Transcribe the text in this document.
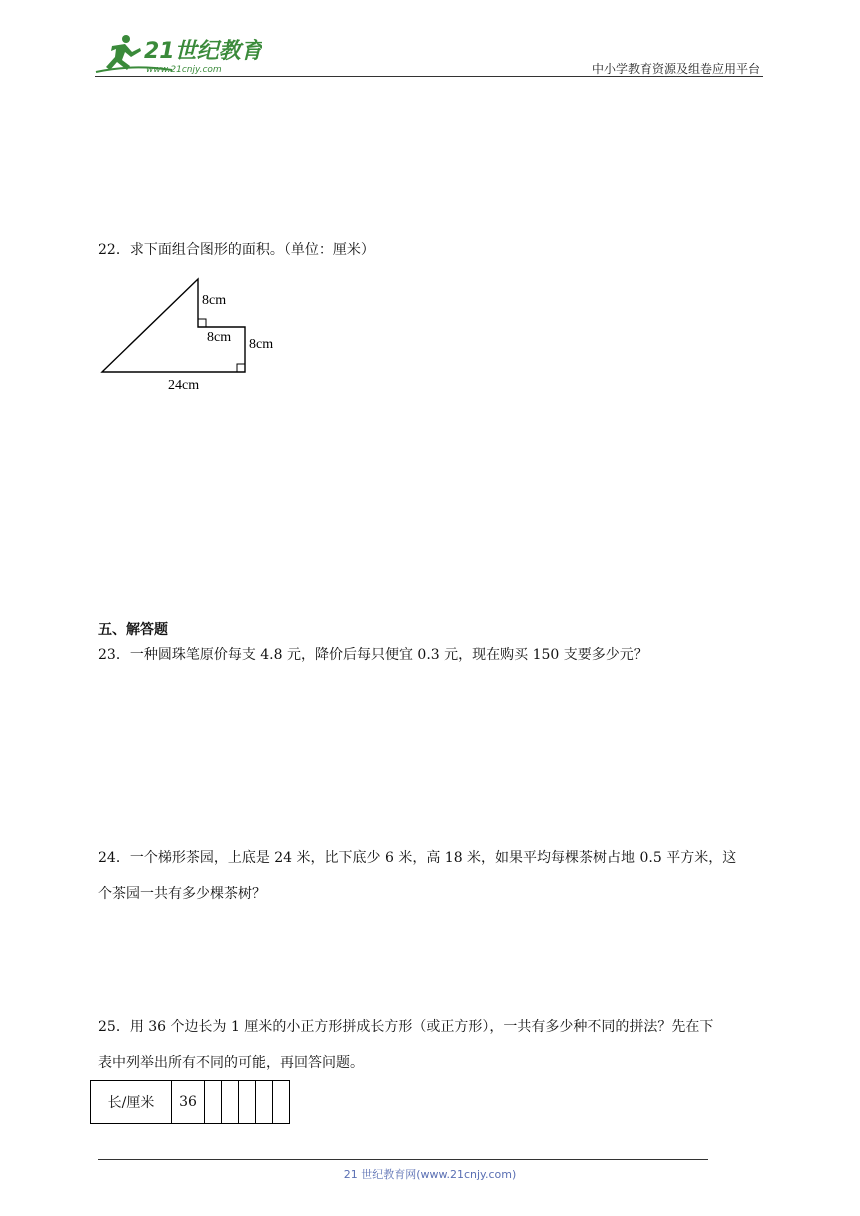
21世纪教育
www.21cnjy.com	中小学教育资源及组卷应用平台
22．求下面组合图形的面积。（单位：厘米）
8cm
8cm 8cm
24cm
五、解答题
23．一种圆珠笔原价每支 4.8 元，降价后每只便宜 0.3 元，现在购买 150 支要多少元？
24．一个梯形茶园，上底是 24 米，比下底少 6 米，高 18 米，如果平均每棵茶树占地 0.5 平方米，这
个茶园一共有多少棵茶树？
25．用 36 个边长为 1 厘米的小正方形拼成长方形（或正方形），一共有多少种不同的拼法？先在下
表中列举出所有不同的可能，再回答问题。
长/厘米	36					
21 世纪教育网(www.21cnjy.com)
